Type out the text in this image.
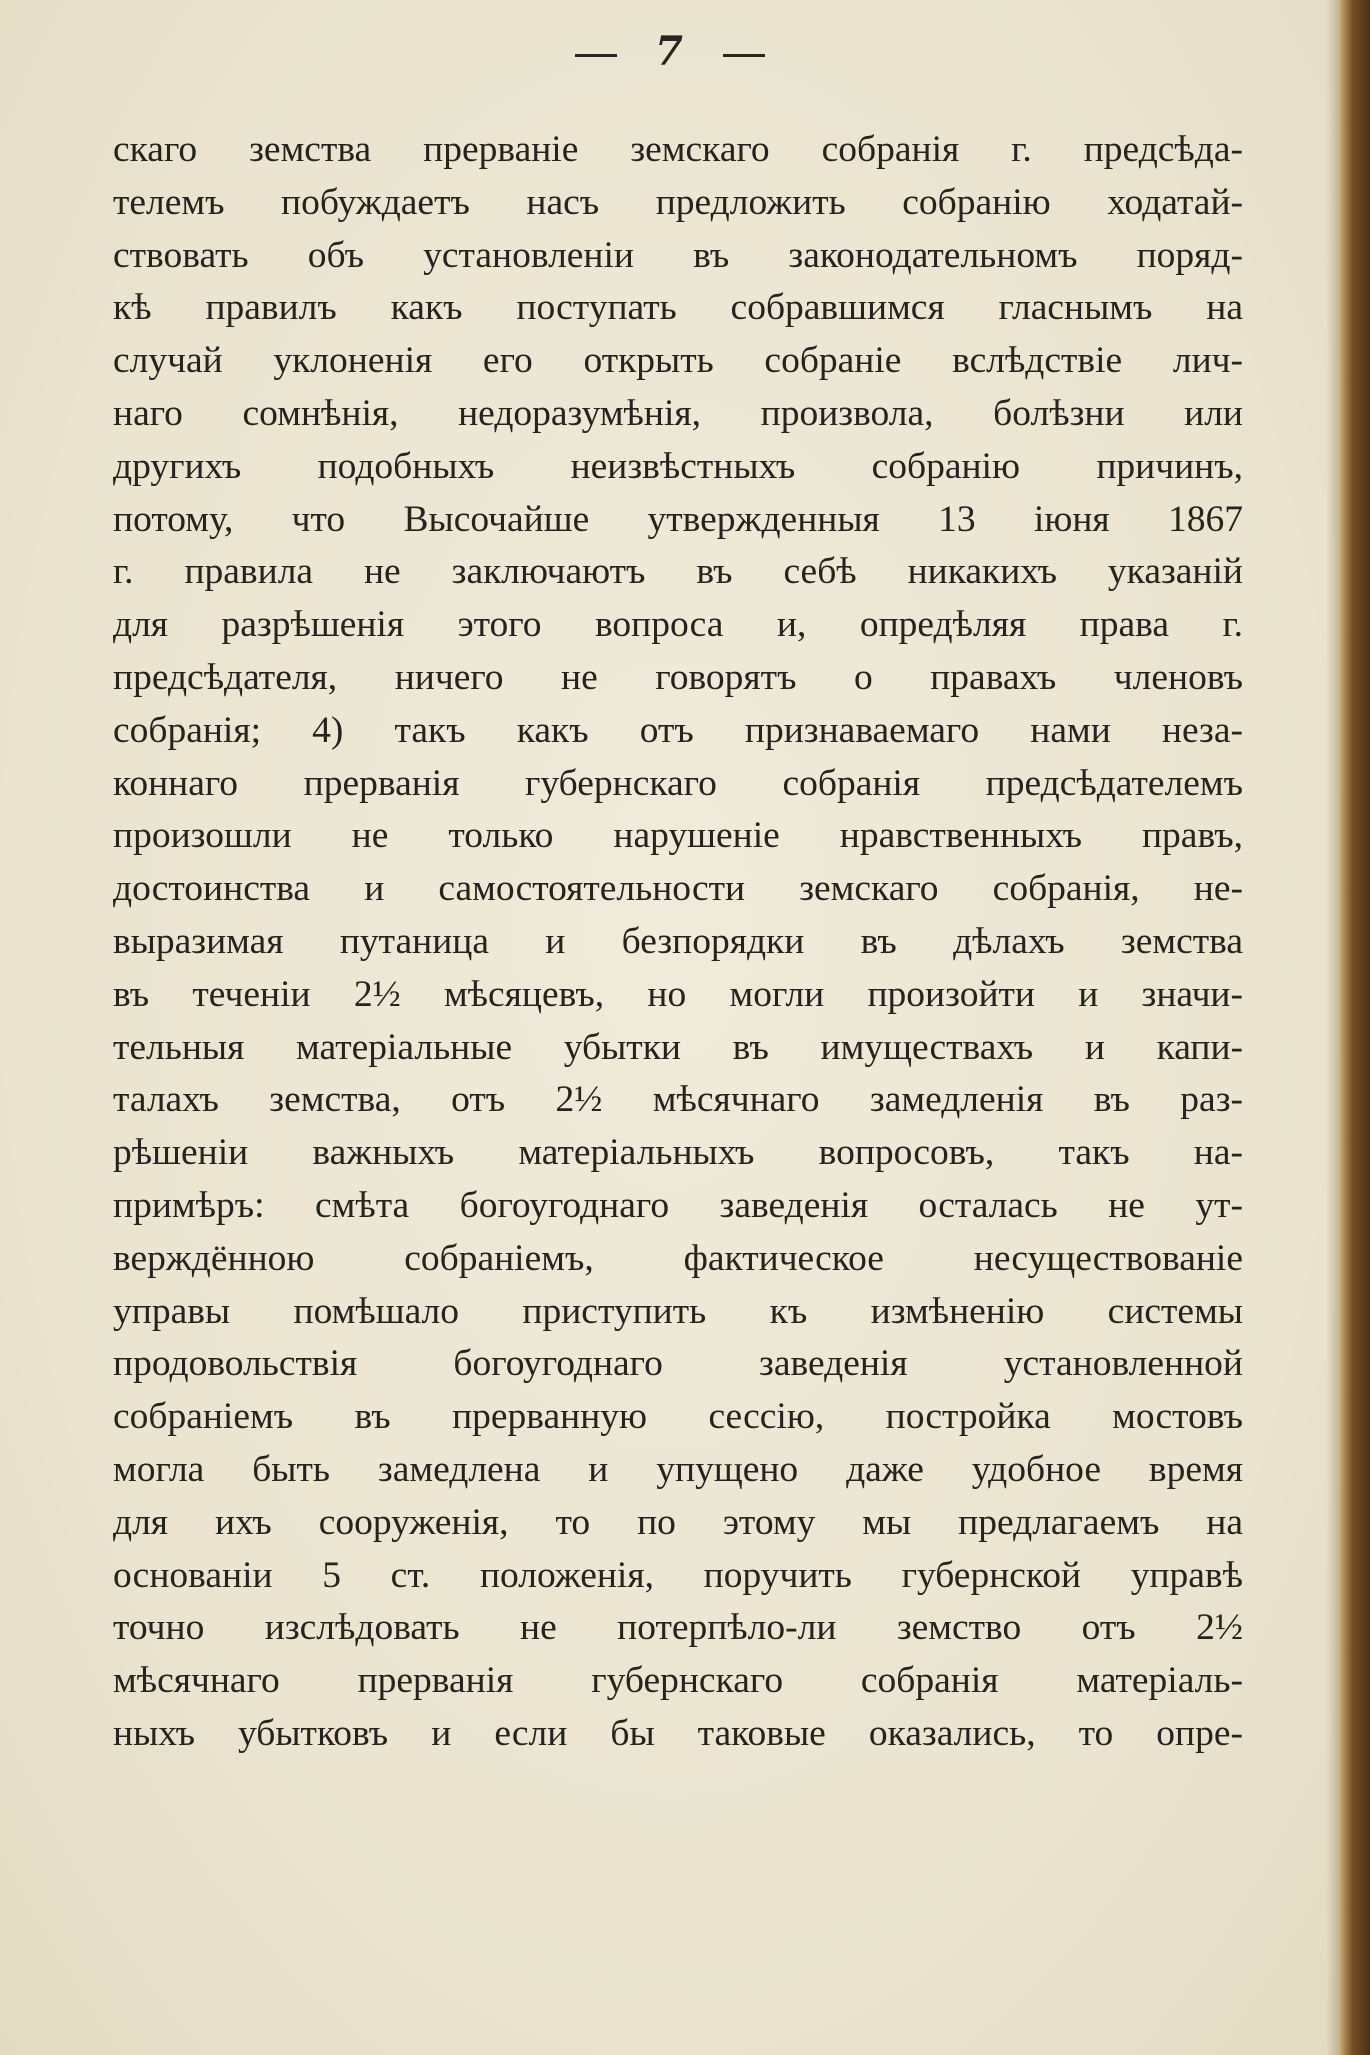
7
скаго земства прерванiе земскаго собранiя г. предсѣда-
телемъ побуждаетъ насъ предложить собранiю ходатай-
ствовать объ установленiи въ законодательномъ поряд-
кѣ правилъ какъ поступать собравшимся гласнымъ на
случай уклоненiя его открыть собранiе вслѣдствiе лич-
наго сомнѣнiя, недоразумѣнiя, произвола, болѣзни или
другихъ подобныхъ неизвѣстныхъ собранiю причинъ,
потому, что Высочайше утвержденныя 13 iюня 1867
г. правила не заключаютъ въ себѣ никакихъ указанiй
для разрѣшенiя этого вопроса и, опредѣляя права г.
предсѣдателя, ничего не говорятъ о правахъ членовъ
собранiя; 4) такъ какъ отъ признаваемаго нами неза-
коннаго прерванiя губернскаго собранiя предсѣдателемъ
произошли не только нарушенiе нравственныхъ правъ,
достоинства и самостоятельности земскаго собранiя, не-
выразимая путаница и безпорядки въ дѣлахъ земства
въ теченiи 2½ мѣсяцевъ, но могли произойти и значи-
тельныя матерiальные убытки въ имуществахъ и капи-
талахъ земства, отъ 2½ мѣсячнаго замедленiя въ раз-
рѣшенiи важныхъ матерiальныхъ вопросовъ, такъ на-
примѣръ: смѣта богоугоднаго заведенiя осталась не ут-
верждённою собранiемъ, фактическое несуществованiе
управы помѣшало приступить къ измѣненiю системы
продовольствiя богоугоднаго заведенiя установленной
собранiемъ въ прерванную сессiю, постройка мостовъ
могла быть замедлена и упущено даже удобное время
для ихъ сооруженiя, то по этому мы предлагаемъ на
основанiи 5 ст. положенiя, поручить губернской управѣ
точно изслѣдовать не потерпѣло-ли земство отъ 2½
мѣсячнаго прерванiя губернскаго собранiя матерiаль-
ныхъ убытковъ и если бы таковые оказались, то опре-
